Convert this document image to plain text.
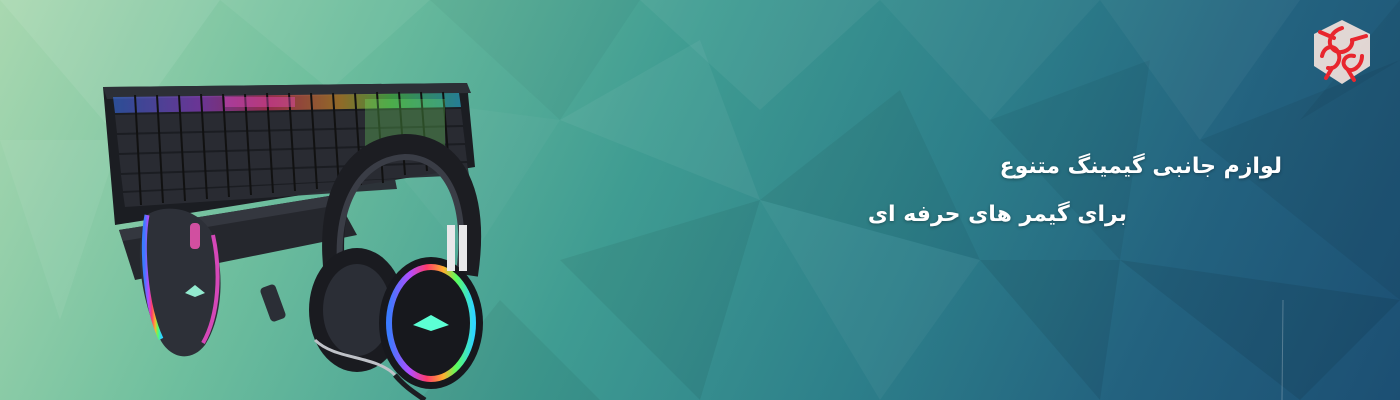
لوازم جانبی گیمینگ متنوع
برای گیمر های حرفه ای
